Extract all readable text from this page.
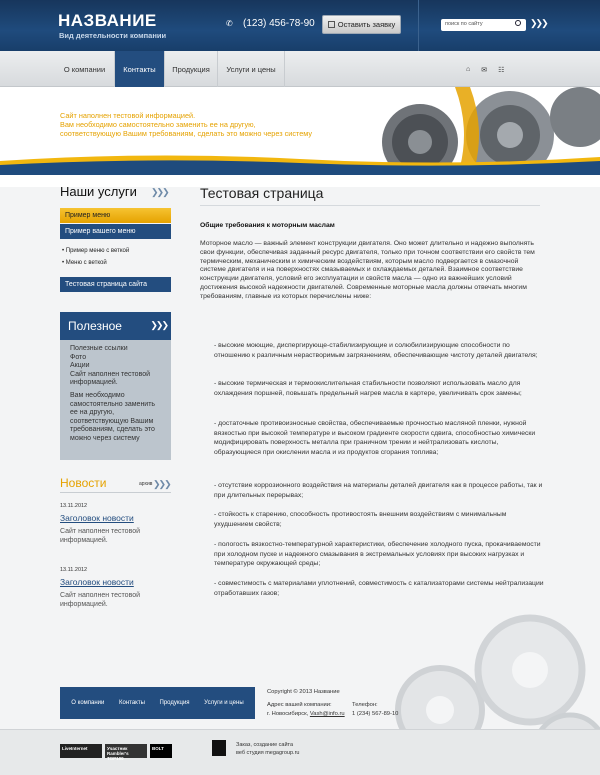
НАЗВАНИЕ
Вид деятельности компании
✆ (123) 456-78-90	Оставить заявку	поиск по сайту	❯❯❯
О компании	Контакты	Продукция	Услуги и цены	⌂ ✉ ☷
Сайт наполнен тестовой информацией.
Вам необходимо самостоятельно заменить ее на другую,
соответствующую Вашим требованиям, сделать это можно через систему
Наши услуги ❯❯❯
Пример меню
Пример вашего меню
• Пример меню с веткой
• Меню с веткой
Тестовая страница сайта
Полезное	❯❯❯
Полезные ссылки
Фото
Акции
Сайт наполнен тестовой информацией.
Вам необходимо самостоятельно заменить ее на другую, соответствующую Вашим требованиям, сделать это можно через систему
Новости	архив ❯❯❯
13.11.2012
Заголовок новости
Сайт наполнен тестовой информацией.
13.11.2012
Заголовок новости
Сайт наполнен тестовой информацией.
Тестовая страница
Общие требования к моторным маслам
Моторное масло — важный элемент конструкции двигателя. Оно может длительно и надежно выполнять свои функции, обеспечивая заданный ресурс двигателя, только при точном соответствии его свойств тем термическим, механическим и химическим воздействиям, которым масло подвергается в смазочной системе двигателя и на поверхностях смазываемых и охлаждаемых деталей. Взаимное соответствие конструкции двигателя, условий его эксплуатации и свойств масла — одно из важнейших условий достижения высокой надежности двигателей. Современные моторные масла должны отвечать многим требованиям, главные из которых перечислены ниже:
- высокие моющие, диспергирующе-стабилизирующие и солюбилизирующие способности по отношению к различным нерастворимым загрязнениям, обеспечивающие чистоту деталей двигателя;
- высокие термическая и термоокислительная стабильности позволяют использовать масло для охлаждения поршней, повышать предельный нагрев масла в картере, увеличивать срок замены;
- достаточные противоизносные свойства, обеспечиваемые прочностью масляной пленки, нужной вязкостью при высокой температуре и высоком градиенте скорости сдвига, способностью химически модифицировать поверхность металла при граничном трении и нейтрализовать кислоты, образующиеся при окислении масла и из продуктов сгорания топлива;
- отсутствие коррозионного воздействия на материалы деталей двигателя как в процессе работы, так и при длительных перерывах;
- стойкость к старению, способность противостоять внешним воздействиям с минимальным ухудшением свойств;
- пологость вязкостно-температурной характеристики, обеспечение холодного пуска, прокачиваемости при холодном пуске и надежного смазывания в экстремальных условиях при высоких нагрузках и температуре окружающей среды;
- совместимость с материалами уплотнений, совместимость с катализаторами системы нейтрализации отработавших газов;
О компании Контакты Продукция Услуги и цены
Copyright © 2013 Название
Адрес вашей компании:
г. Новосибирск, Vash@info.ru
Телефон:
1 (234) 567-89-10
LiveInternet	Участник Rambler's TOP100
BOLT
Заказ, создание сайта
веб студия megagroup.ru
